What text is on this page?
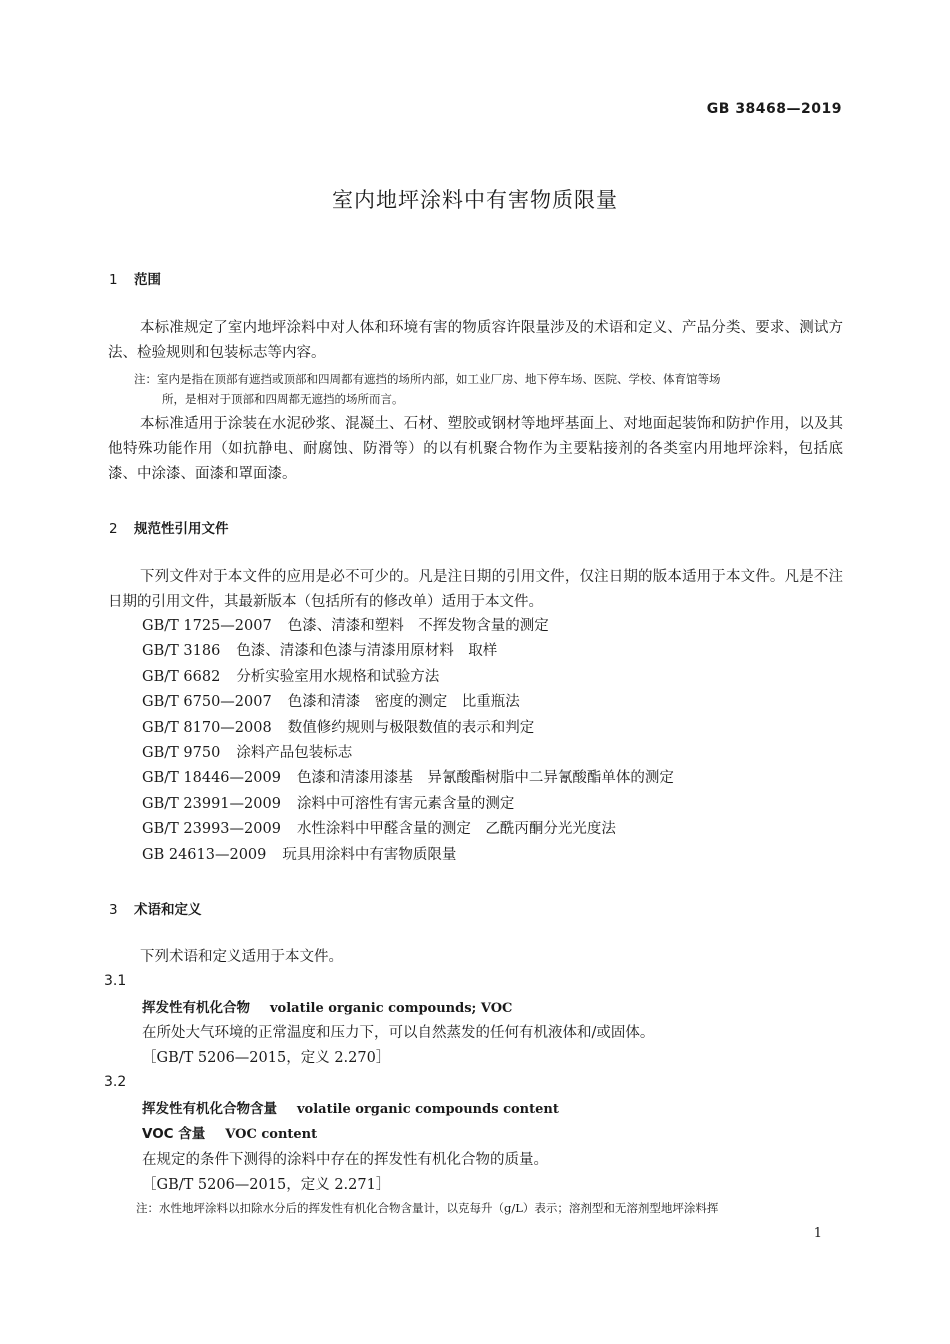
GB 38468—2019
室内地坪涂料中有害物质限量
1 范围
本标准规定了室内地坪涂料中对人体和环境有害的物质容许限量涉及的术语和定义、产品分类、要求、测试方法、检验规则和包装标志等内容。
注：室内是指在顶部有遮挡或顶部和四周都有遮挡的场所内部，如工业厂房、地下停车场、医院、学校、体育馆等场
所，是相对于顶部和四周都无遮挡的场所而言。
本标准适用于涂装在水泥砂浆、混凝土、石材、塑胶或钢材等地坪基面上、对地面起装饰和防护作用，以及其他特殊功能作用（如抗静电、耐腐蚀、防滑等）的以有机聚合物作为主要粘接剂的各类室内用地坪涂料，包括底漆、中涂漆、面漆和罩面漆。
2 规范性引用文件
下列文件对于本文件的应用是必不可少的。凡是注日期的引用文件，仅注日期的版本适用于本文件。凡是不注日期的引用文件，其最新版本（包括所有的修改单）适用于本文件。
GB/T 1725—2007 色漆、清漆和塑料　不挥发物含量的测定
GB/T 3186 色漆、清漆和色漆与清漆用原材料　取样
GB/T 6682 分析实验室用水规格和试验方法
GB/T 6750—2007 色漆和清漆　密度的测定　比重瓶法
GB/T 8170—2008 数值修约规则与极限数值的表示和判定
GB/T 9750 涂料产品包装标志
GB/T 18446—2009 色漆和清漆用漆基　异氰酸酯树脂中二异氰酸酯单体的测定
GB/T 23991—2009 涂料中可溶性有害元素含量的测定
GB/T 23993—2009 水性涂料中甲醛含量的测定　乙酰丙酮分光光度法
GB 24613—2009 玩具用涂料中有害物质限量
3 术语和定义
下列术语和定义适用于本文件。
3.1
挥发性有机化合物 volatile organic compounds; VOC
在所处大气环境的正常温度和压力下，可以自然蒸发的任何有机液体和/或固体。
［GB/T 5206—2015，定义 2.270］
3.2
挥发性有机化合物含量 volatile organic compounds content
VOC 含量 VOC content
在规定的条件下测得的涂料中存在的挥发性有机化合物的质量。
［GB/T 5206—2015，定义 2.271］
注：水性地坪涂料以扣除水分后的挥发性有机化合物含量计，以克每升（g/L）表示；溶剂型和无溶剂型地坪涂料挥
1
